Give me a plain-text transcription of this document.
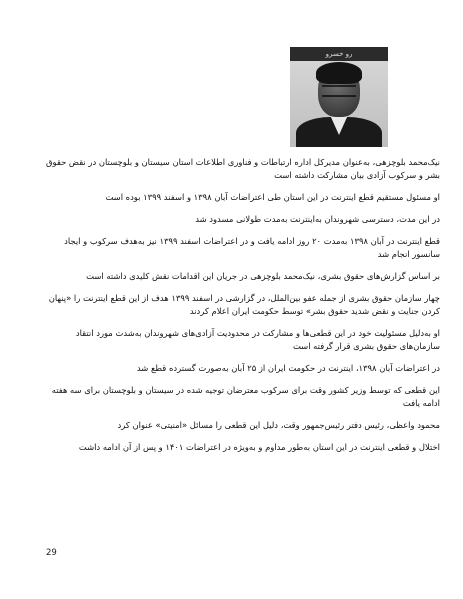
رو خسرو

نیک‌محمد بلوچزهی، به‌عنوان مدیرکل اداره ارتباطات و فناوری اطلاعات استان سیستان و بلوچستان در نقض حقوق بشر و سرکوب آزادی بیان مشارکت داشته است

او مسئول مستقیم قطع اینترنت در این استان طی اعتراضات آبان ۱۳۹۸ و اسفند ۱۳۹۹ بوده است

در این مدت، دسترسی شهروندان به‌اینترنت به‌مدت طولانی مسدود شد

قطع اینترنت در آبان ۱۳۹۸ به‌مدت ۲۰ روز ادامه یافت و در اعتراضات اسفند ۱۳۹۹ نیز به‌هدف سرکوب و ایجاد سانسور انجام شد

بر اساس گزارش‌های حقوق بشری، نیک‌محمد بلوچزهی در جریان این اقدامات نقش کلیدی داشته است

چهار سازمان حقوق بشری از جمله عفو بین‌الملل، در گزارشی در اسفند ۱۳۹۹ هدف از این قطع اینترنت را «پنهان کردن جنایت و نقض شدید حقوق بشر» توسط حکومت ایران اعلام کردند

او به‌دلیل مسئولیت خود در این قطعی‌ها و مشارکت در محدودیت آزادی‌های شهروندان به‌شدت مورد انتقاد سازمان‌های حقوق بشری قرار گرفته است

در اعتراضات آبان ۱۳۹۸، اینترنت در حکومت ایران از ۲۵ آبان به‌صورت گسترده قطع شد

این قطعی که توسط وزیر کشور وقت برای سرکوب معترضان توجیه شده در سیستان و بلوچستان برای سه هفته ادامه یافت

محمود واعظی، رئیس دفتر رئیس‌جمهور وقت، دلیل این قطعی را مسائل «امنیتی» عنوان کرد

اختلال و قطعی اینترنت در این استان به‌طور مداوم و به‌ویژه در اعتراضات ۱۴۰۱ و پس از آن ادامه داشت

29
